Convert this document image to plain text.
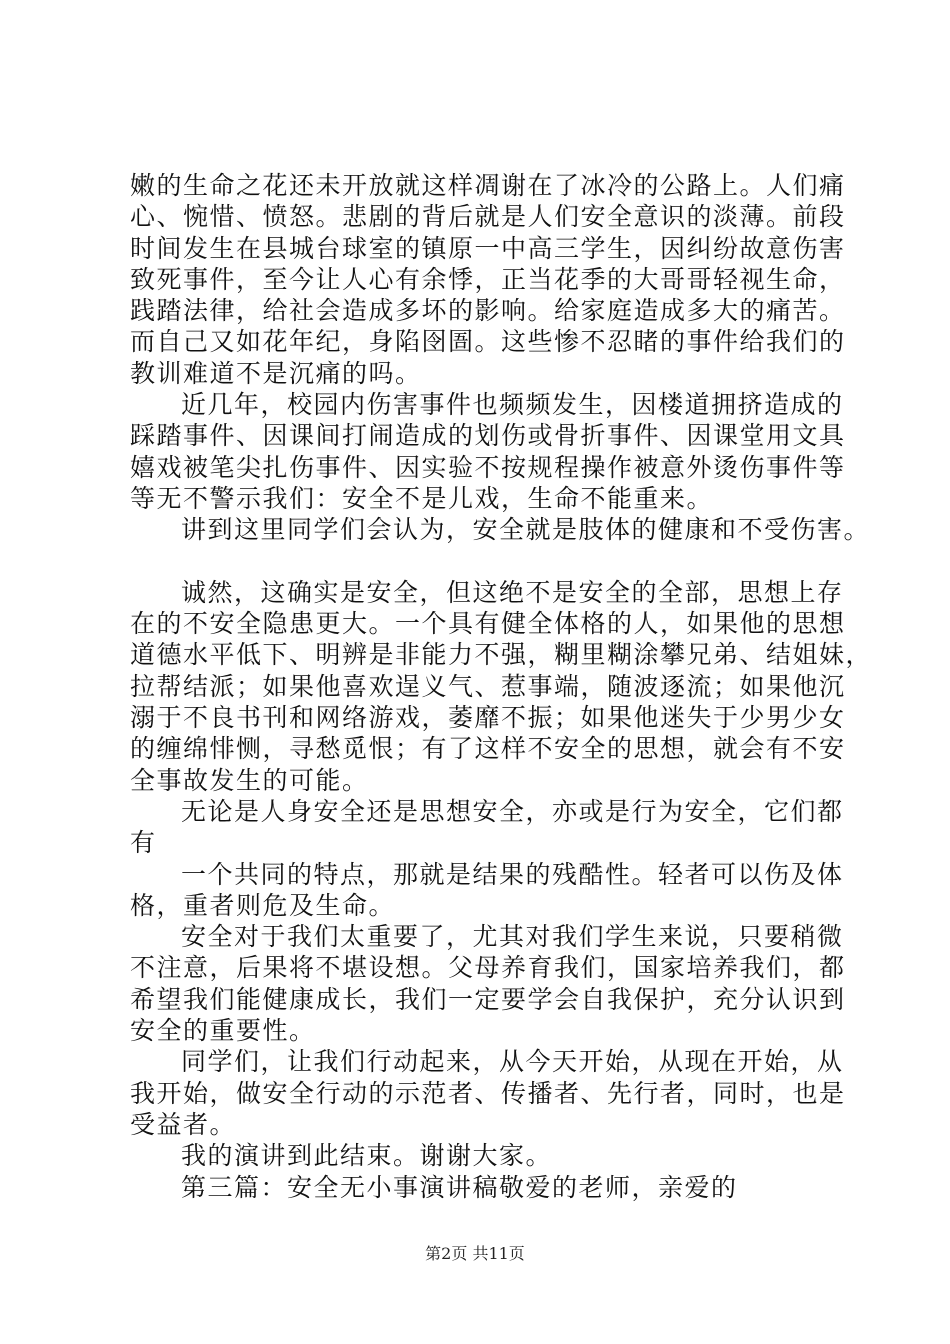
嫩的生命之花还未开放就这样凋谢在了冰冷的公路上。人们痛
心、惋惜、愤怒。悲剧的背后就是人们安全意识的淡薄。前段
时间发生在县城台球室的镇原一中高三学生，因纠纷故意伤害
致死事件，至今让人心有余悸，正当花季的大哥哥轻视生命，
践踏法律，给社会造成多坏的影响。给家庭造成多大的痛苦。
而自己又如花年纪，身陷囹圄。这些惨不忍睹的事件给我们的
教训难道不是沉痛的吗。
近几年，校园内伤害事件也频频发生，因楼道拥挤造成的
踩踏事件、因课间打闹造成的划伤或骨折事件、因课堂用文具
嬉戏被笔尖扎伤事件、因实验不按规程操作被意外烫伤事件等
等无不警示我们：安全不是儿戏，生命不能重来。
讲到这里同学们会认为，安全就是肢体的健康和不受伤害。
诚然，这确实是安全，但这绝不是安全的全部，思想上存
在的不安全隐患更大。一个具有健全体格的人，如果他的思想
道德水平低下、明辨是非能力不强，糊里糊涂攀兄弟、结姐妹，
拉帮结派；如果他喜欢逞义气、惹事端，随波逐流；如果他沉
溺于不良书刊和网络游戏，萎靡不振；如果他迷失于少男少女
的缠绵悱恻，寻愁觅恨；有了这样不安全的思想，就会有不安
全事故发生的可能。
无论是人身安全还是思想安全，亦或是行为安全，它们都
有
一个共同的特点，那就是结果的残酷性。轻者可以伤及体
格，重者则危及生命。
安全对于我们太重要了，尤其对我们学生来说，只要稍微
不注意，后果将不堪设想。父母养育我们，国家培养我们，都
希望我们能健康成长，我们一定要学会自我保护，充分认识到
安全的重要性。
同学们，让我们行动起来，从今天开始，从现在开始，从
我开始，做安全行动的示范者、传播者、先行者，同时，也是
受益者。
我的演讲到此结束。谢谢大家。
第三篇：安全无小事演讲稿敬爱的老师，亲爱的
第2页 共11页
